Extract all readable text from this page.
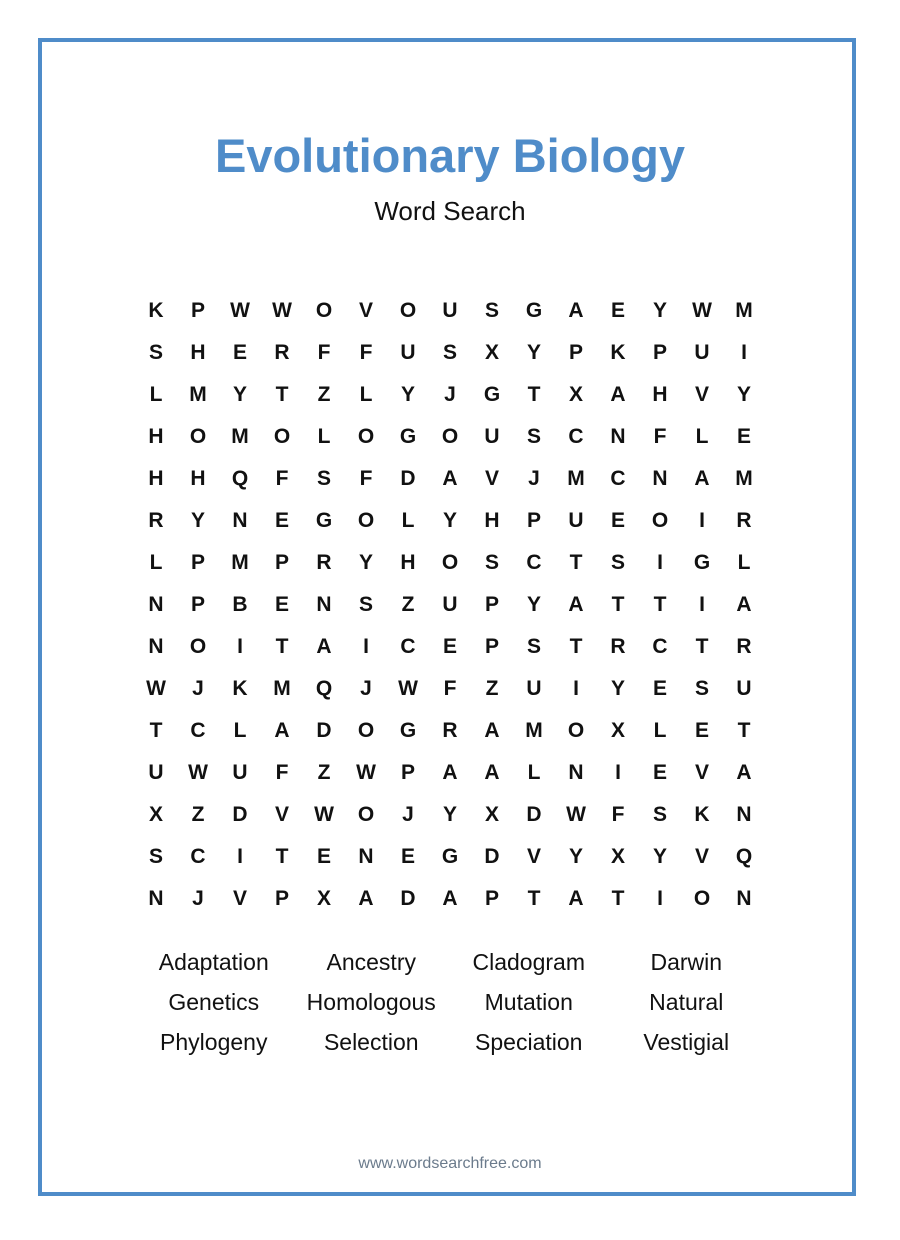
Evolutionary Biology
Word Search
K	P	W	W	O	V	O	U	S	G	A	E	Y	W	M
S	H	E	R	F	F	U	S	X	Y	P	K	P	U	I
L	M	Y	T	Z	L	Y	J	G	T	X	A	H	V	Y
H	O	M	O	L	O	G	O	U	S	C	N	F	L	E
H	H	Q	F	S	F	D	A	V	J	M	C	N	A	M
R	Y	N	E	G	O	L	Y	H	P	U	E	O	I	R
L	P	M	P	R	Y	H	O	S	C	T	S	I	G	L
N	P	B	E	N	S	Z	U	P	Y	A	T	T	I	A
N	O	I	T	A	I	C	E	P	S	T	R	C	T	R
W	J	K	M	Q	J	W	F	Z	U	I	Y	E	S	U
T	C	L	A	D	O	G	R	A	M	O	X	L	E	T
U	W	U	F	Z	W	P	A	A	L	N	I	E	V	A
X	Z	D	V	W	O	J	Y	X	D	W	F	S	K	N
S	C	I	T	E	N	E	G	D	V	Y	X	Y	V	Q
N	J	V	P	X	A	D	A	P	T	A	T	I	O	N
Adaptation	Ancestry	Cladogram	Darwin
Genetics	Homologous	Mutation	Natural
Phylogeny	Selection	Speciation	Vestigial
www.wordsearchfree.com
